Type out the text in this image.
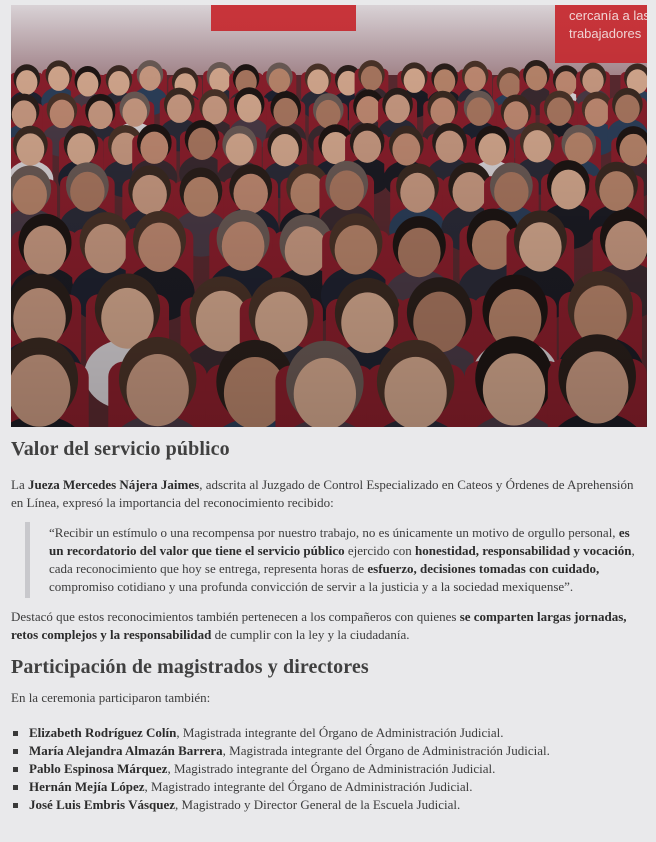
Valor del servicio público

La Jueza Mercedes Nájera Jaimes, adscrita al Juzgado de Control Especializado en Cateos y Órdenes de Aprehensión en Línea, expresó la importancia del reconocimiento recibido:

“Recibir un estímulo o una recompensa por nuestro trabajo, no es únicamente un motivo de orgullo personal, es un recordatorio del valor que tiene el servicio público ejercido con honestidad, responsabilidad y vocación, cada reconocimiento que hoy se entrega, representa horas de esfuerzo, decisiones tomadas con cuidado, compromiso cotidiano y una profunda convicción de servir a la justicia y a la sociedad mexiquense”.

Destacó que estos reconocimientos también pertenecen a los compañeros con quienes se comparten largas jornadas, retos complejos y la responsabilidad de cumplir con la ley y la ciudadanía.

Participación de magistrados y directores

En la ceremonia participaron también:

Elizabeth Rodríguez Colín, Magistrada integrante del Órgano de Administración Judicial.
María Alejandra Almazán Barrera, Magistrada integrante del Órgano de Administración Judicial.
Pablo Espinosa Márquez, Magistrado integrante del Órgano de Administración Judicial.
Hernán Mejía López, Magistrado integrante del Órgano de Administración Judicial.
José Luis Embris Vásquez, Magistrado y Director General de la Escuela Judicial.
